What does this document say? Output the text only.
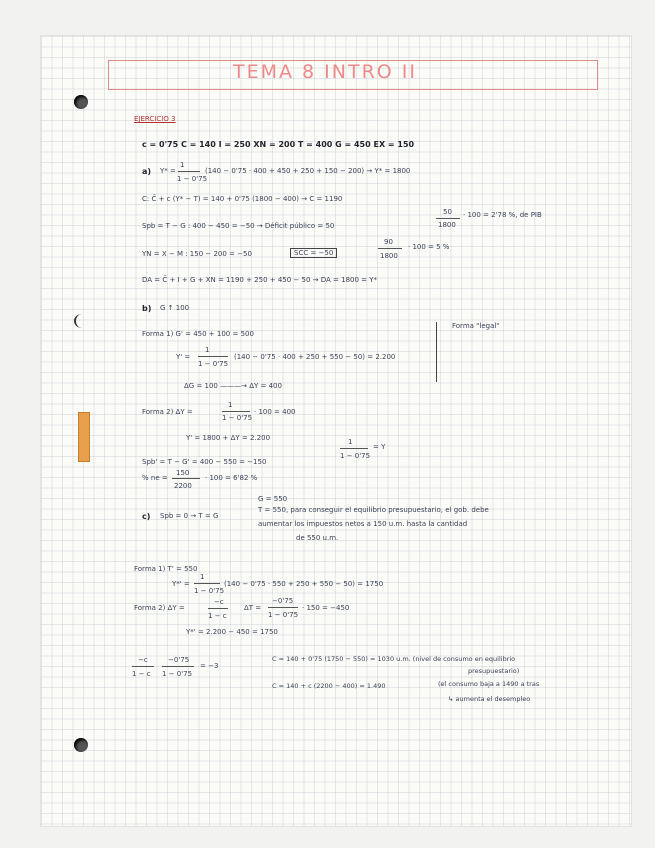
TEMA 8 INTRO II
EJERCICIO 3
c = 0'75 C = 140 I = 250 XN = 200 T = 400 G = 450 EX = 150
a) Y* =
1
1 − 0'75
(140 − 0'75 · 400 + 450 + 250 + 150 − 200) → Y* = 1800
C: C̄ + c (Y* − T) = 140 + 0'75 (1800 − 400) → C = 1190
Spb = T − G : 400 − 450 = −50 → Déficit público = 50
50
1800
· 100 = 2'78 %, de PIB
YN = X − M : 150 − 200 = −50	SCC = −50
90
1800
· 100 = 5 %
DA = C̄ + I + G + XN = 1190 + 250 + 450 − 50 → DA = 1800 = Y*
b) G ↑ 100
Forma 1) G' = 450 + 100 = 500
Forma "legal"
Y' =
1
1 − 0'75
(140 − 0'75 · 400 + 250 + 550 − 50) = 2.200
ΔG = 100 ———→ ΔY = 400
Forma 2) ΔY =
1
1 − 0'75
· 100 = 400
Y' = 1800 + ΔY = 2.200	1
1 − 0'75
= Y
Spb' = T − G' = 400 − 550 = −150
% ne =
150
2200
· 100 = 6'82 %
c) Spb = 0 → T = G
G = 550
T = 550, para conseguir el equilibrio presupuestario, el gob. debe
aumentar los impuestos netos a 150 u.m. hasta la cantidad
de 550 u.m.
Forma 1) T' = 550
Y*' =
1
1 − 0'75
(140 − 0'75 · 550 + 250 + 550 − 50) = 1750
Forma 2) ΔY =
−c
1 − c
ΔT =
−0'75
1 − 0'75
· 150 = −450
Y*' = 2.200 − 450 = 1750
−c
1 − c
−0'75
1 − 0'75
= −3
C = 140 + 0'75 (1750 − 550) = 1030 u.m. (nivel de consumo en equilibrio
presupuestario)
C = 140 + c (2200 − 400) = 1.490	(el consumo baja a 1490 a tras
↳ aumenta el desempleo
